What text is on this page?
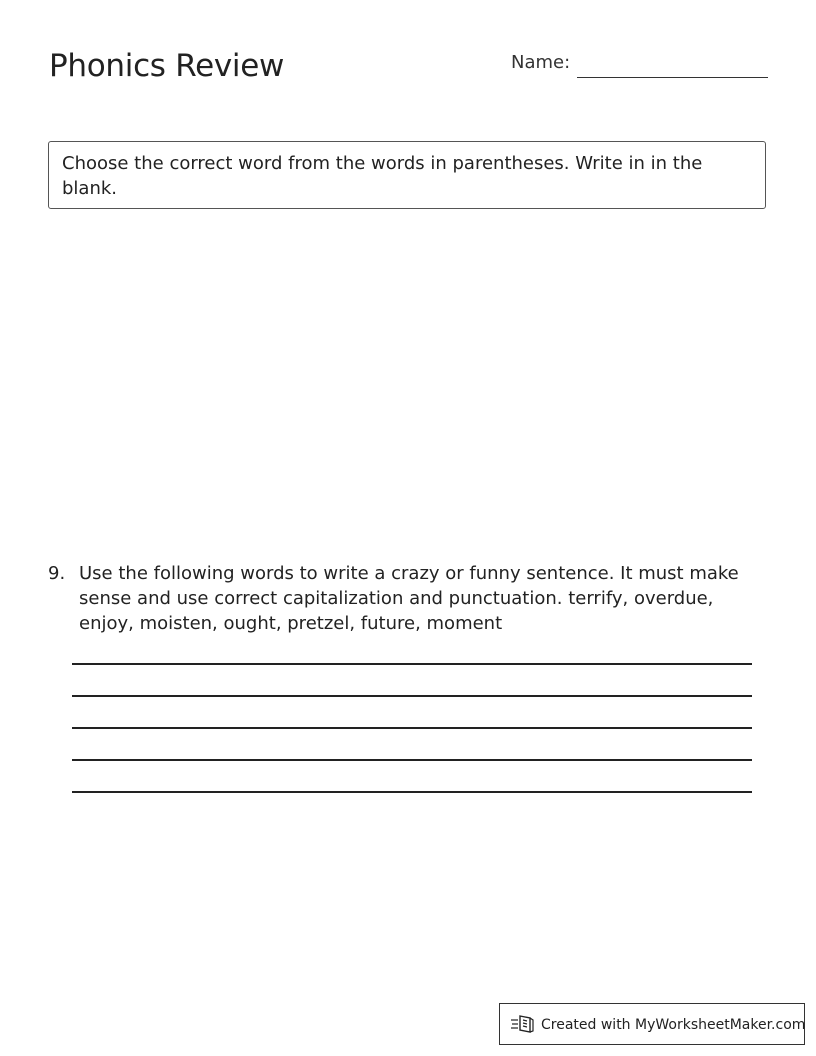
Phonics Review	Name:
Choose the correct word from the words in parentheses. Write in in the blank.
9. Use the following words to write a crazy or funny sentence. It must make sense and use correct capitalization and punctuation. terrify, overdue, enjoy, moisten, ought, pretzel, future, moment
Created with MyWorksheetMaker.com
